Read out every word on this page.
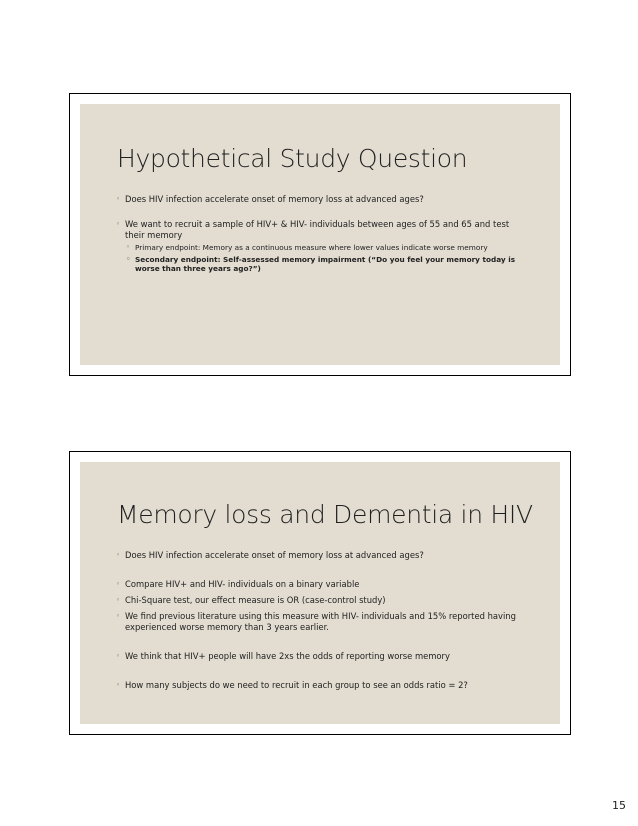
Hypothetical Study Question
◦ Does HIV infection accelerate onset of memory loss at advanced ages?
◦ We want to recruit a sample of HIV+ & HIV- individuals between ages of 55 and 65 and test their memory
◦ Primary endpoint: Memory as a continuous measure where lower values indicate worse memory
◦ Secondary endpoint: Self-assessed memory impairment (“Do you feel your memory today is worse than three years ago?”)
Memory loss and Dementia in HIV
◦ Does HIV infection accelerate onset of memory loss at advanced ages?
◦ Compare HIV+ and HIV- individuals on a binary variable
◦ Chi-Square test, our effect measure is OR (case-control study)
◦ We find previous literature using this measure with HIV- individuals and 15% reported having experienced worse memory than 3 years earlier.
◦ We think that HIV+ people will have 2xs the odds of reporting worse memory
◦ How many subjects do we need to recruit in each group to see an odds ratio = 2?
15
